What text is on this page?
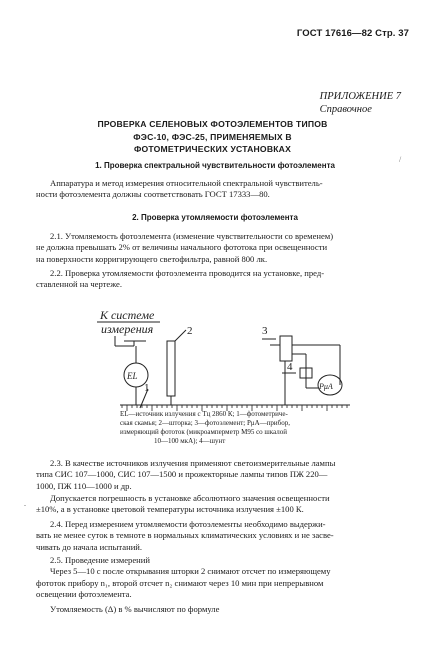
ГОСТ 17616—82 Стр. 37
ПРИЛОЖЕНИЕ 7
Справочное
ПРОВЕРКА СЕЛЕНОВЫХ ФОТОЭЛЕМЕНТОВ ТИПОВ
ФЭС-10, ФЭС-25, ПРИМЕНЯЕМЫХ В
ФОТОМЕТРИЧЕСКИХ УСТАНОВКАХ
1. Проверка спектральной чувствительности фотоэлемента
/
Аппаратура и метод измерения относительной спектральной чувствитель-
ности фотоэлемента должны соответствовать ГОСТ 17333—80.
2. Проверка утомляемости фотоэлемента
2.1. Утомляемость фотоэлемента (изменение чувствительности со временем)
не должна превышать 2% от величины начального фототока при освещенности
на поверхности корригирующего светофильтра, равной 800 лк.
2.2. Проверка утомляемости фотоэлемента проводится на установке, пред-
ставленной на чертеже.
К системе
измерения
EL
2	3
4
PμA
1
EL—источник излучения с Tц 2860 К; 1—фотометриче-
ская скамья; 2—шторка; 3—фотоэлемент; PμA—прибор,
измеряющий фототок (микроамперметр М95 со шкалой
10—100 мкА); 4—шунт
2.3. В качестве источников излучения применяют светоизмерительные лампы
типа СИС 107—1000, СИС 107—1500 и прожекторные лампы типов ПЖ 220—
1000, ПЖ 110—1000 и др.
.
Допускается погрешность в установке абсолютного значения освещенности
±10%, а в установке цветовой температуры источника излучения ±100 К.
2.4. Перед измерением утомляемости фотоэлементы необходимо выдержи-
вать не менее суток в темноте в нормальных климатических условиях и не засве-
чивать до начала испытаний.
2.5. Проведение измерений
Через 5—10 с после открывания шторки 2 снимают отсчет по измеряющему
фототок прибору n₁, второй отсчет n₂ снимают через 10 мин при непрерывном
освещении фотоэлемента.
Утомляемость (Δ) в % вычисляют по формуле
